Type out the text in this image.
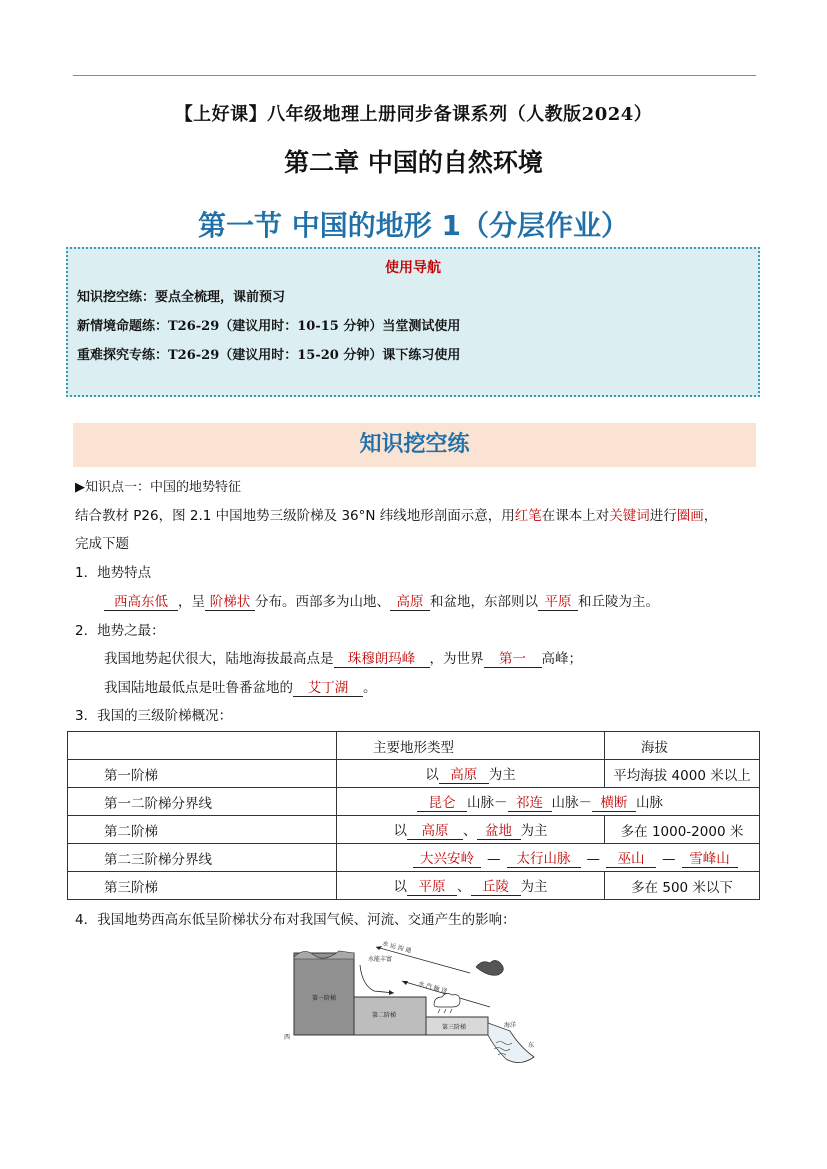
【上好课】八年级地理上册同步备课系列（人教版2024）
第二章 中国的自然环境
第一节 中国的地形 1（分层作业）
使用导航
知识挖空练：要点全梳理，课前预习
新情境命题练：T26-29（建议用时：10-15 分钟）当堂测试使用
重难探究专练：T26-29（建议用时：15-20 分钟）课下练习使用
知识挖空练
▶知识点一：中国的地势特征
结合教材 P26，图 2.1 中国地势三级阶梯及 36°N 纬线地形剖面示意，用红笔在课本上对关键词进行圈画，
完成下题
1．地势特点
西高东低 ，呈 阶梯状 分布。西部多为山地、 高原 和盆地，东部则以 平原 和丘陵为主。
2．地势之最：
我国地势起伏很大，陆地海拔最高点是 珠穆朗玛峰 ，为世界 第一 高峰；
我国陆地最低点是吐鲁番盆地的 艾丁湖 。
3．我国的三级阶梯概况：
	主要地形类型	海拔
第一阶梯	以 高原 为主	平均海拔 4000 米以上
第一二阶梯分界线	昆仑 山脉－ 祁连 山脉－ 横断 山脉	
第二阶梯	以 高原 、 盆地 为主	多在 1000-2000 米
第二三阶梯分界线	大兴安岭 — 太行山脉 — 巫山 — 雪峰山	
第三阶梯	以 平原 、 丘陵 为主	多在 500 米以下
4．我国地势西高东低呈阶梯状分布对我国气候、河流、交通产生的影响：
第一阶梯
第二阶梯
第三阶梯	海洋
西
东
水 运 沟 通
水能丰富
水 汽 输 送
